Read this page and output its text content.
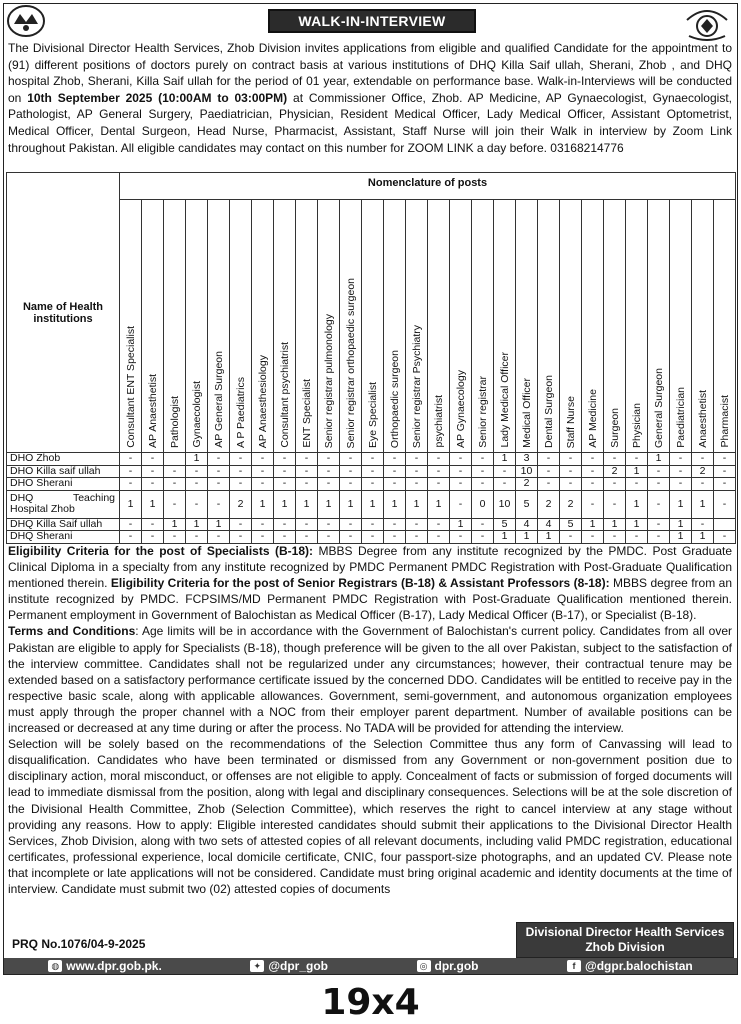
WALK-IN-INTERVIEW
The Divisional Director Health Services, Zhob Division invites applications from eligible and qualified Candidate for the appointment to (91) different positions of doctors purely on contract basis at various institutions of DHQ Killa Saif ullah, Sherani, Zhob , and DHQ hospital Zhob, Sherani, Killa Saif ullah for the period of 01 year, extendable on performance base. Walk-in-Interviews will be conducted on 10th September 2025 (10:00AM to 03:00PM) at Commissioner Office, Zhob. AP Medicine, AP Gynaecologist, Gynaecologist, Pathologist, AP General Surgery, Paediatrician, Physician, Resident Medical Officer, Lady Medical Officer, Assistant Optometrist, Medical Officer, Dental Surgeon, Head Nurse, Pharmacist, Assistant, Staff Nurse will join their Walk in interview by Zoom Link throughout Pakistan. All eligible candidates may contact on this number for ZOOM LINK a day before. 03168214776
Name of Health institutions	Nomenclature of posts																											

	Consultant ENT Specialist	AP Anaesthetist	Pathologist	Gynaecologist	AP General Surgeon	A P Paediatrics	AP Anaesthesiology	Consultant psychiatrist	ENT Specialist	Senior registrar pulmonology	Senior registrar orthopaedic surgeon	Eye Specialist	Orthopaedic surgeon	Senior registrar Psychiatry	psychiatrist	AP Gynaecology	Senior registrar	Lady Medical Officer	Medical Officer	Dental Surgeon	Staff Nurse	AP Medicine	Surgeon	Physician	General Surgeon	Paediatrician	Anaesthetist	Pharmacist

DHO Zhob	-	-		1	-	-	-	-	-	-	-	-	-	-	-	-	-	1	3	-	-	-	-	-	1	-	-	-
DHO Killa saif ullah	-	-	-	-	-	-	-	-	-	-	-	-	-	-	-	-	-	-	10	-	-	-	2	1	-	-	2	-
DHO Sherani	-	-	-	-	-	-	-	-	-	-	-	-	-	-	-	-	-	-	2	-	-	-	-	-	-	-	-	-

DHQ Teaching
Hospital Zhob	1	1	-	-	-	2	1	1	1	1	1	1	1	1	1	-	0	10	5	2	2	-	-	1	-	1	1	-
DHQ Killa Saif ullah	-	-	1	1	1	-	-	-	-	-	-	-	-	-	-	1	-	5	4	4	5	1	1	1	-	1	-	
DHQ Sherani	-	-	-	-	-	-	-	-	-	-	-	-	-	-	-	-	-	1	1	1	-	-	-	-	-	1	1	-

Eligibility Criteria for the post of Specialists (B-18): MBBS Degree from any institute recognized by the PMDC. Post Graduate Clinical Diploma in a specialty from any institute recognized by PMDC Permanent PMDC Registration with Post-Graduate Qualification mentioned therein. Eligibility Criteria for the post of Senior Registrars (B-18) & Assistant Professors (8-18): MBBS degree from an institute recognized by PMDC. FCPSIMS/MD Permanent PMDC Registration with Post-Graduate Qualification mentioned therein. Permanent employment in Government of Balochistan as Medical Officer (B-17), Lady Medical Officer (B-17), or Specialist (B-18).

Terms and Conditions: Age limits will be in accordance with the Government of Balochistan's current policy. Candidates from all over Pakistan are eligible to apply for Specialists (B-18), though preference will be given to the all over Pakistan, subject to the satisfaction of the interview committee. Candidates shall not be regularized under any circumstances; however, their contractual tenure may be extended based on a satisfactory performance certificate issued by the concerned DDO. Candidates will be entitled to receive pay in the respective basic scale, along with applicable allowances. Government, semi-government, and autonomous organization employees must apply through the proper channel with a NOC from their employer parent department. Number of available positions can be increased or decreased at any time during or after the process. No TADA will be provided for attending the interview.

Selection will be solely based on the recommendations of the Selection Committee thus any form of Canvassing will lead to disqualification. Candidates who have been terminated or dismissed from any Government or non-government position due to disciplinary action, moral misconduct, or offenses are not eligible to apply. Concealment of facts or submission of forged documents will lead to immediate dismissal from the position, along with legal and disciplinary consequences. Selections will be at the sole discretion of the Divisional Health Committee, Zhob (Selection Committee), which reserves the right to cancel interview at any stage without providing any reasons. How to apply: Eligible interested candidates should submit their applications to the Divisional Director Health Services, Zhob Division, along with two sets of attested copies of all relevant documents, including valid PMDC registration, educational certificates, professional experience, local domicile certificate, CNIC, four passport-size photographs, and an updated CV. Please note that incomplete or late applications will not be considered. Candidate must bring original academic and identity documents at the time of interview. Candidate must submit two (02) attested copies of documents

PRQ No.1076/04-9-2025
Divisional Director Health Services
Zhob Division
◍ www.dpr.gob.pk.	✦ @dpr_gob	◎ dpr.gob	f @dgpr.balochistan
19x4
